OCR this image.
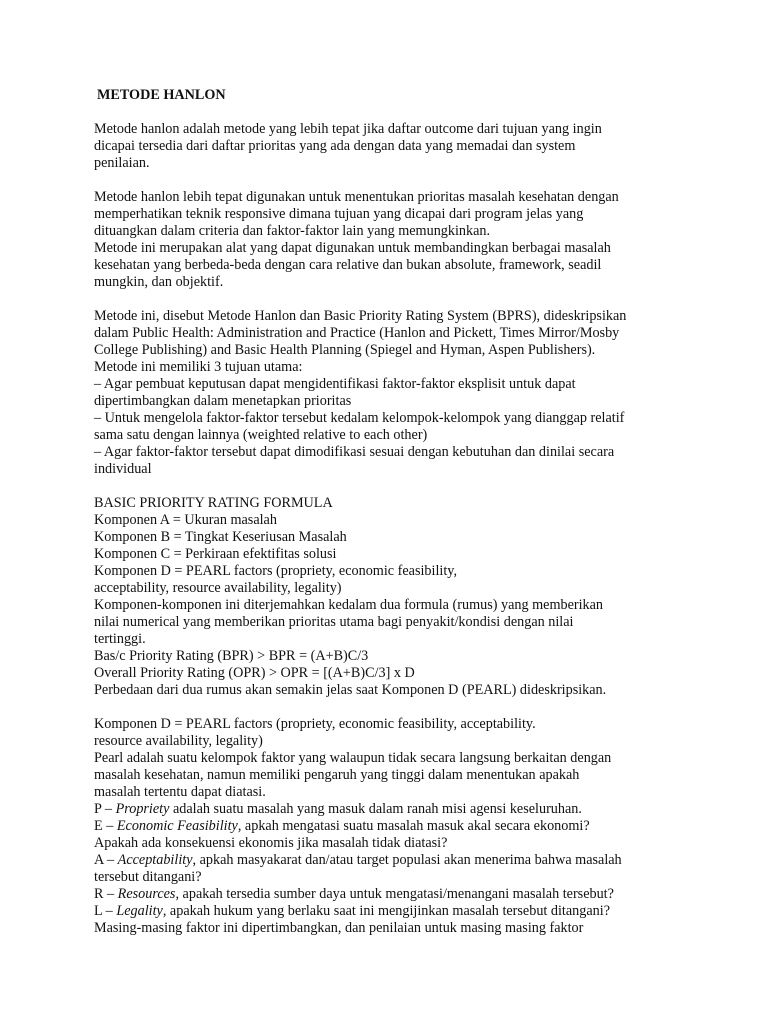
METODE HANLON
Metode hanlon adalah metode yang lebih tepat jika daftar outcome dari tujuan yang ingin
dicapai tersedia dari daftar prioritas yang ada dengan data yang memadai dan system
penilaian.
Metode hanlon lebih tepat digunakan untuk menentukan prioritas masalah kesehatan dengan
memperhatikan teknik responsive dimana tujuan yang dicapai dari program jelas yang
dituangkan dalam criteria dan faktor-faktor lain yang memungkinkan.
Metode ini merupakan alat yang dapat digunakan untuk membandingkan berbagai masalah
kesehatan yang berbeda-beda dengan cara relative dan bukan absolute, framework, seadil
mungkin, dan objektif.
Metode ini, disebut Metode Hanlon dan Basic Priority Rating System (BPRS), dideskripsikan
dalam Public Health: Administration and Practice (Hanlon and Pickett, Times Mirror/Mosby
College Publishing) and Basic Health Planning (Spiegel and Hyman, Aspen Publishers).
Metode ini memiliki 3 tujuan utama:
– Agar pembuat keputusan dapat mengidentifikasi faktor-faktor eksplisit untuk dapat
dipertimbangkan dalam menetapkan prioritas
– Untuk mengelola faktor-faktor tersebut kedalam kelompok-kelompok yang dianggap relatif
sama satu dengan lainnya (weighted relative to each other)
– Agar faktor-faktor tersebut dapat dimodifikasi sesuai dengan kebutuhan dan dinilai secara
individual
BASIC PRIORITY RATING FORMULA
Komponen A = Ukuran masalah
Komponen B = Tingkat Keseriusan Masalah
Komponen C = Perkiraan efektifitas solusi
Komponen D = PEARL factors (propriety, economic feasibility,
acceptability, resource availability, legality)
Komponen-komponen ini diterjemahkan kedalam dua formula (rumus) yang memberikan
nilai numerical yang memberikan prioritas utama bagi penyakit/kondisi dengan nilai
tertinggi.
Bas/c Priority Rating (BPR) > BPR = (A+B)C/3
Overall Priority Rating (OPR) > OPR = [(A+B)C/3] x D
Perbedaan dari dua rumus akan semakin jelas saat Komponen D (PEARL) dideskripsikan.
Komponen D = PEARL factors (propriety, economic feasibility, acceptability.
resource availability, legality)
Pearl adalah suatu kelompok faktor yang walaupun tidak secara langsung berkaitan dengan
masalah kesehatan, namun memiliki pengaruh yang tinggi dalam menentukan apakah
masalah tertentu dapat diatasi.
P – Propriety adalah suatu masalah yang masuk dalam ranah misi agensi keseluruhan.
E – Economic Feasibility, apkah mengatasi suatu masalah masuk akal secara ekonomi?
Apakah ada konsekuensi ekonomis jika masalah tidak diatasi?
A – Acceptability, apkah masyakarat dan/atau target populasi akan menerima bahwa masalah
tersebut ditangani?
R – Resources, apakah tersedia sumber daya untuk mengatasi/menangani masalah tersebut?
L – Legality, apakah hukum yang berlaku saat ini mengijinkan masalah tersebut ditangani?
Masing-masing faktor ini dipertimbangkan, dan penilaian untuk masing masing faktor
